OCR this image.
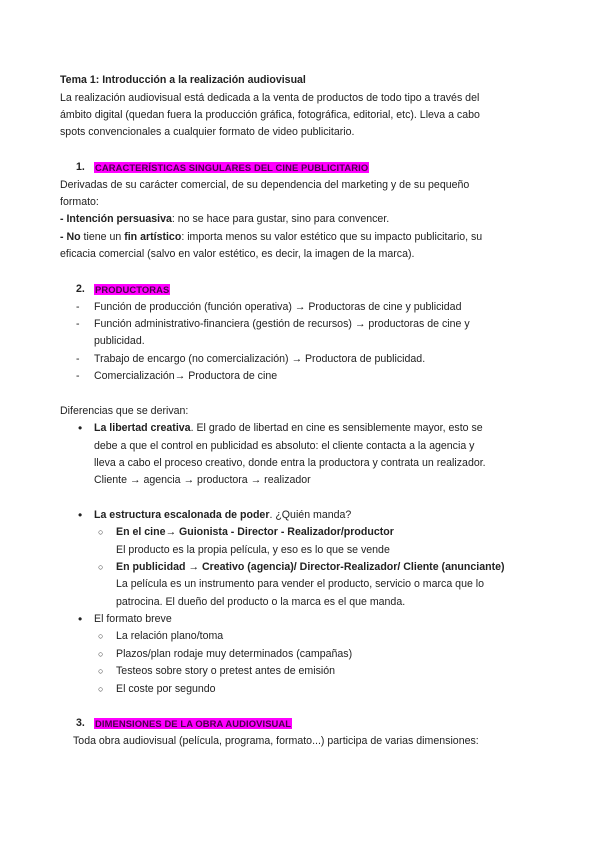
Tema 1: Introducción a la realización audiovisual
La realización audiovisual está dedicada a la venta de productos de todo tipo a través del
ámbito digital (quedan fuera la producción gráfica, fotográfica, editorial, etc). Lleva a cabo
spots convencionales a cualquier formato de video publicitario.
1. CARACTERÍSTICAS SINGULARES DEL CINE PUBLICITARIO
Derivadas de su carácter comercial, de su dependencia del marketing y de su pequeño
formato:
- Intención persuasiva: no se hace para gustar, sino para convencer.
- No tiene un fin artístico: importa menos su valor estético que su impacto publicitario, su
eficacia comercial (salvo en valor estético, es decir, la imagen de la marca).
2. PRODUCTORAS
- Función de producción (función operativa) → Productoras de cine y publicidad
- Función administrativo-financiera (gestión de recursos) → productoras de cine y
publicidad.
- Trabajo de encargo (no comercialización) → Productora de publicidad.
- Comercialización→ Productora de cine
Diferencias que se derivan:
• La libertad creativa. El grado de libertad en cine es sensiblemente mayor, esto se
debe a que el control en publicidad es absoluto: el cliente contacta a la agencia y
lleva a cabo el proceso creativo, donde entra la productora y contrata un realizador.
Cliente → agencia → productora → realizador
• La estructura escalonada de poder. ¿Quién manda?
○ En el cine→ Guionista - Director - Realizador/productor
El producto es la propia película, y eso es lo que se vende
○ En publicidad → Creativo (agencia)/ Director-Realizador/ Cliente (anunciante)
La película es un instrumento para vender el producto, servicio o marca que lo
patrocina. El dueño del producto o la marca es el que manda.
• El formato breve
○ La relación plano/toma
○ Plazos/plan rodaje muy determinados (campañas)
○ Testeos sobre story o pretest antes de emisión
○ El coste por segundo
3. DIMENSIONES DE LA OBRA AUDIOVISUAL
Toda obra audiovisual (película, programa, formato...) participa de varias dimensiones:
